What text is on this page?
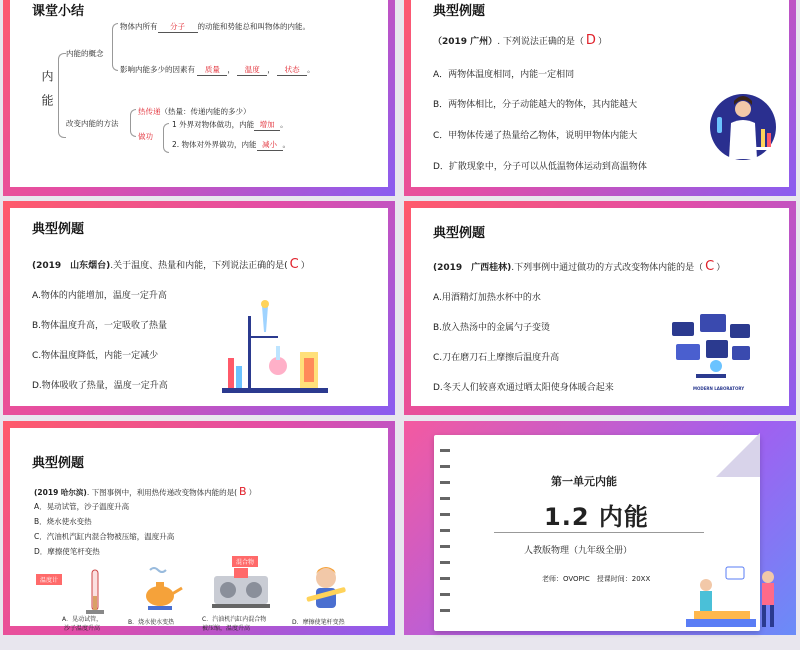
课堂小结
内能
内能的概念
物体内所有 分子 的动能和势能总和叫物体的内能。
影响内能多少的因素有 质量 ， 温度 ， 状态 。
改变内能的方法
热传递（热量：传递内能的多少）
做功
1 外界对物体做功，内能 增加 。
2. 物体对外界做功，内能 减小 。
典型例题
（2019 广州）. 下列说法正确的是（ D ）
A．两物体温度相同，内能一定相同
B．两物体相比，分子动能越大的物体，其内能越大
C．甲物体传递了热量给乙物体，说明甲物体内能大
D．扩散现象中，分子可以从低温物体运动到高温物体
典型例题
(2019　山东烟台).关于温度、热量和内能，下列说法正确的是( C ）
A.物体的内能增加，温度一定升高
B.物体温度升高，一定吸收了热量
C.物体温度降低，内能一定减少
D.物体吸收了热量，温度一定升高
典型例题
(2019　广西桂林).下列事例中通过做功的方式改变物体内能的是（ C ）
A.用酒精灯加热水杯中的水
B.放入热汤中的金属勺子变烫
C.刀在磨刀石上摩擦后温度升高
D.冬天人们较喜欢通过晒太阳使身体暖合起来	MODERN LABORATORY
典型例题
(2019 哈尔滨). 下图事例中，利用热传递改变物体内能的是( B ）
A．晃动试管，沙子温度升高
B．烧水使水变热
C．汽油机汽缸内混合物被压缩，温度升高
D．摩擦使笔杆变热
温度计
混合物
A．晃动试管，
沙子温度升高
B．烧水使水变热	C．汽油机汽缸内混合物
被压缩，温度升高
D．摩擦使笔杆变热
第一单元内能
1.2 内能
人教版物理（九年级全册）
老师：OVOPIC　授课时间：20XX
